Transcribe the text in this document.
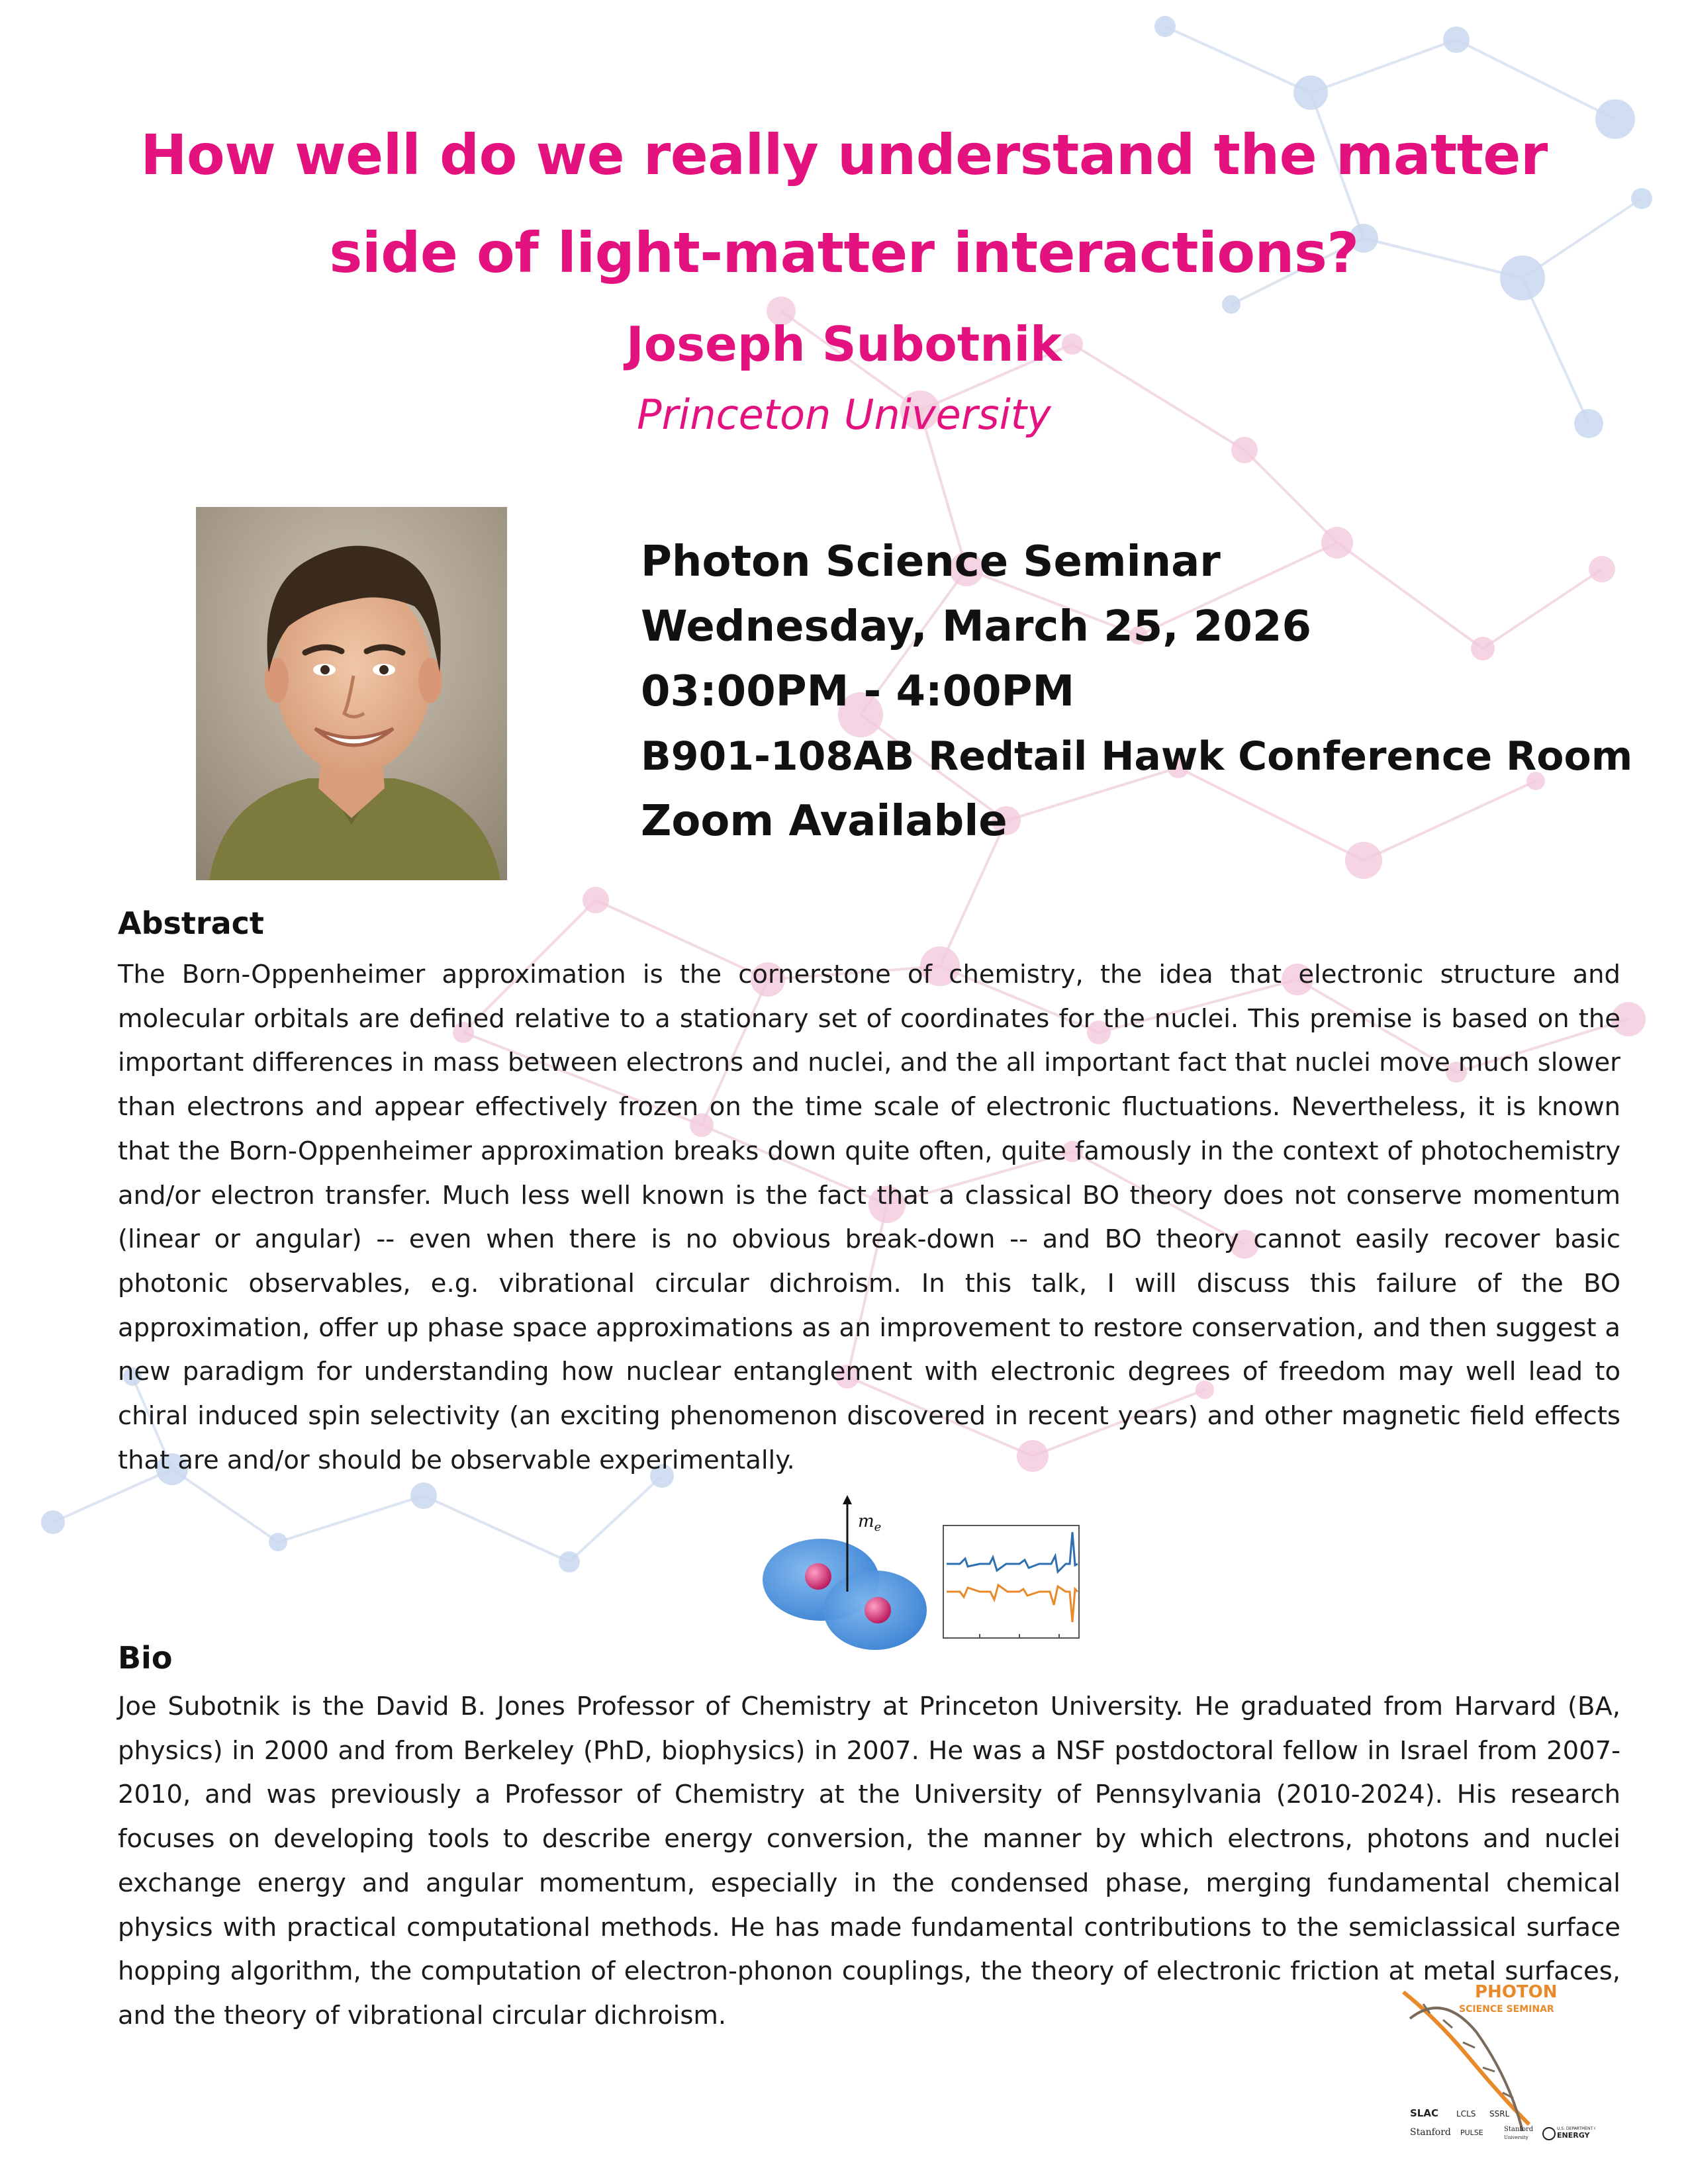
How well do we really understand the matter
side of light-matter interactions?
Joseph Subotnik
Princeton University
Photon Science Seminar
Wednesday, March 25, 2026
03:00PM - 4:00PM
B901-108AB Redtail Hawk Conference Room
Zoom Available
Abstract
The Born-Oppenheimer approximation is the cornerstone of chemistry, the idea that electronic structure and molecular orbitals are defined relative to a stationary set of coordinates for the nuclei. This premise is based on the important differences in mass between electrons and nuclei, and the all important fact that nuclei move much slower than electrons and appear effectively frozen on the time scale of electronic fluctuations. Nevertheless, it is known that the Born-Oppenheimer approximation breaks down quite often, quite famously in the context of photochemistry and/or electron transfer. Much less well known is the fact that a classical BO theory does not conserve momentum (linear or angular) -- even when there is no obvious break-down -- and BO theory cannot easily recover basic photonic observables, e.g. vibrational circular dichroism. In this talk, I will discuss this failure of the BO approximation, offer up phase space approximations as an improvement to restore conservation, and then suggest a new paradigm for understanding how nuclear entanglement with electronic degrees of freedom may well lead to chiral induced spin selectivity (an exciting phenomenon discovered in recent years) and other magnetic field effects that are and/or should be observable experimentally.
$m_e$
Bio
Joe Subotnik is the David B. Jones Professor of Chemistry at Princeton University. He graduated from Harvard (BA, physics) in 2000 and from Berkeley (PhD, biophysics) in 2007. He was a NSF postdoctoral fellow in Israel from 2007-2010, and was previously a Professor of Chemistry at the University of Pennsylvania (2010-2024). His research focuses on developing tools to describe energy conversion, the manner by which electrons, photons and nuclei exchange energy and angular momentum, especially in the condensed phase, merging fundamental chemical physics with practical computational methods. He has made fundamental contributions to the semiclassical surface hopping algorithm, the computation of electron-phonon couplings, the theory of electronic friction at metal surfaces, and the theory of vibrational circular dichroism.
PHOTON
SCIENCE SEMINAR
SLAC LCLS SSRL
Stanford PULSE	Stanford
University
U.S. DEPARTMENT OF
ENERGY
